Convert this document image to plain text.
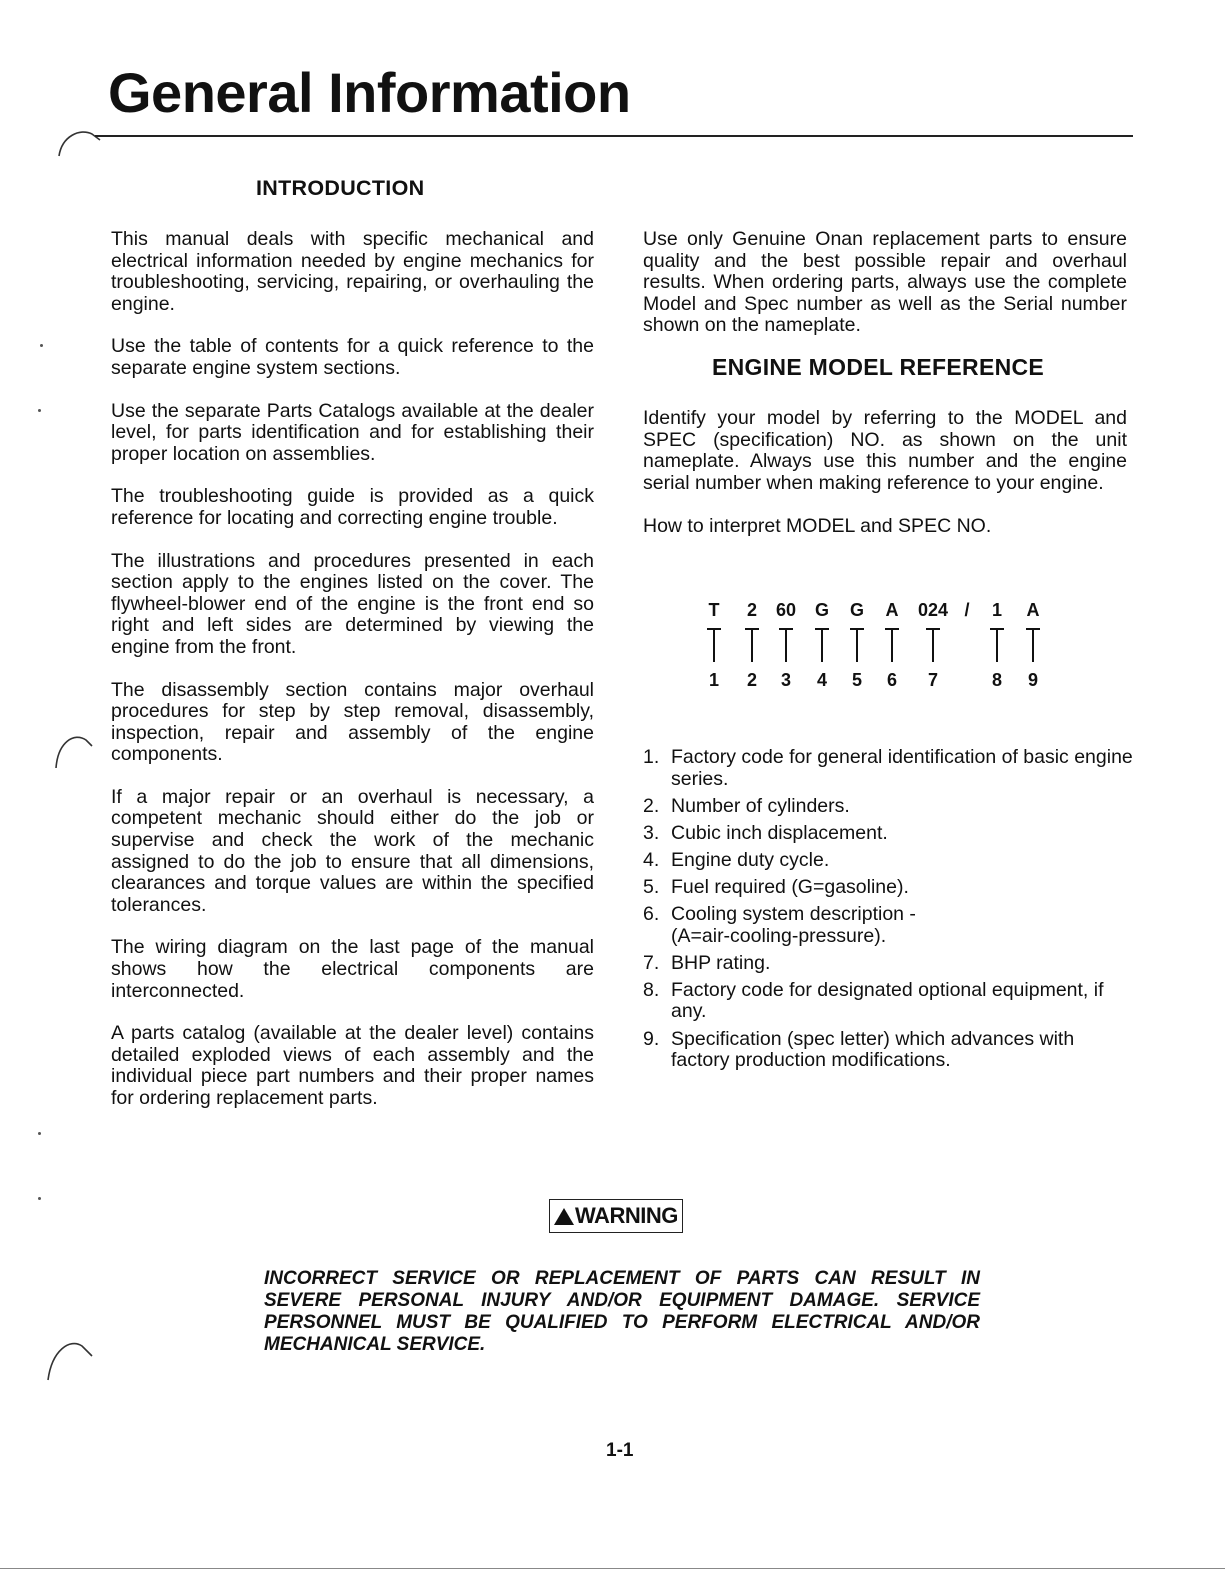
General Information
INTRODUCTION

This manual deals with specific mechanical and electrical information needed by engine mechanics for troubleshooting, servicing, repairing, or overhauling the engine.

Use the table of contents for a quick reference to the separate engine system sections.

Use the separate Parts Catalogs available at the dealer level, for parts identification and for establishing their proper location on assemblies.

The troubleshooting guide is provided as a quick reference for locating and correcting engine trouble.

The illustrations and procedures presented in each section apply to the engines listed on the cover. The flywheel-blower end of the engine is the front end so right and left sides are determined by viewing the engine from the front.

The disassembly section contains major overhaul procedures for step by step removal, disassembly, inspection, repair and assembly of the engine components.

If a major repair or an overhaul is necessary, a competent mechanic should either do the job or supervise and check the work of the mechanic assigned to do the job to ensure that all dimensions, clearances and torque values are within the specified tolerances.

The wiring diagram on the last page of the manual shows how the electrical components are interconnected.

A parts catalog (available at the dealer level) contains detailed exploded views of each assembly and the individual piece part numbers and their proper names for ordering replacement parts.

Use only Genuine Onan replacement parts to ensure quality and the best possible repair and overhaul results. When ordering parts, always use the complete Model and Spec number as well as the Serial number shown on the nameplate.

ENGINE MODEL REFERENCE

Identify your model by referring to the MODEL and SPEC (specification) NO. as shown on the unit nameplate. Always use this number and the engine serial number when making reference to your engine.

How to interpret MODEL and SPEC NO.

T 2 60 G G A 024 / 1 A
1 2 3 4 5 6 7	8 9
1. Factory code for general identification of basic engine series.
2. Number of cylinders.
3. Cubic inch displacement.
4. Engine duty cycle.
5. Fuel required (G=gasoline).
6. Cooling system description - (A=air-cooling-pressure).
7. BHP rating.
8. Factory code for designated optional equipment, if any.
9. Specification (spec letter) which advances with factory production modifications.
WARNING

INCORRECT SERVICE OR REPLACEMENT OF PARTS CAN RESULT IN SEVERE PERSONAL INJURY AND/OR EQUIPMENT DAMAGE. SERVICE PERSONNEL MUST BE QUALIFIED TO PERFORM ELECTRICAL AND/OR MECHANICAL SERVICE.

1-1
